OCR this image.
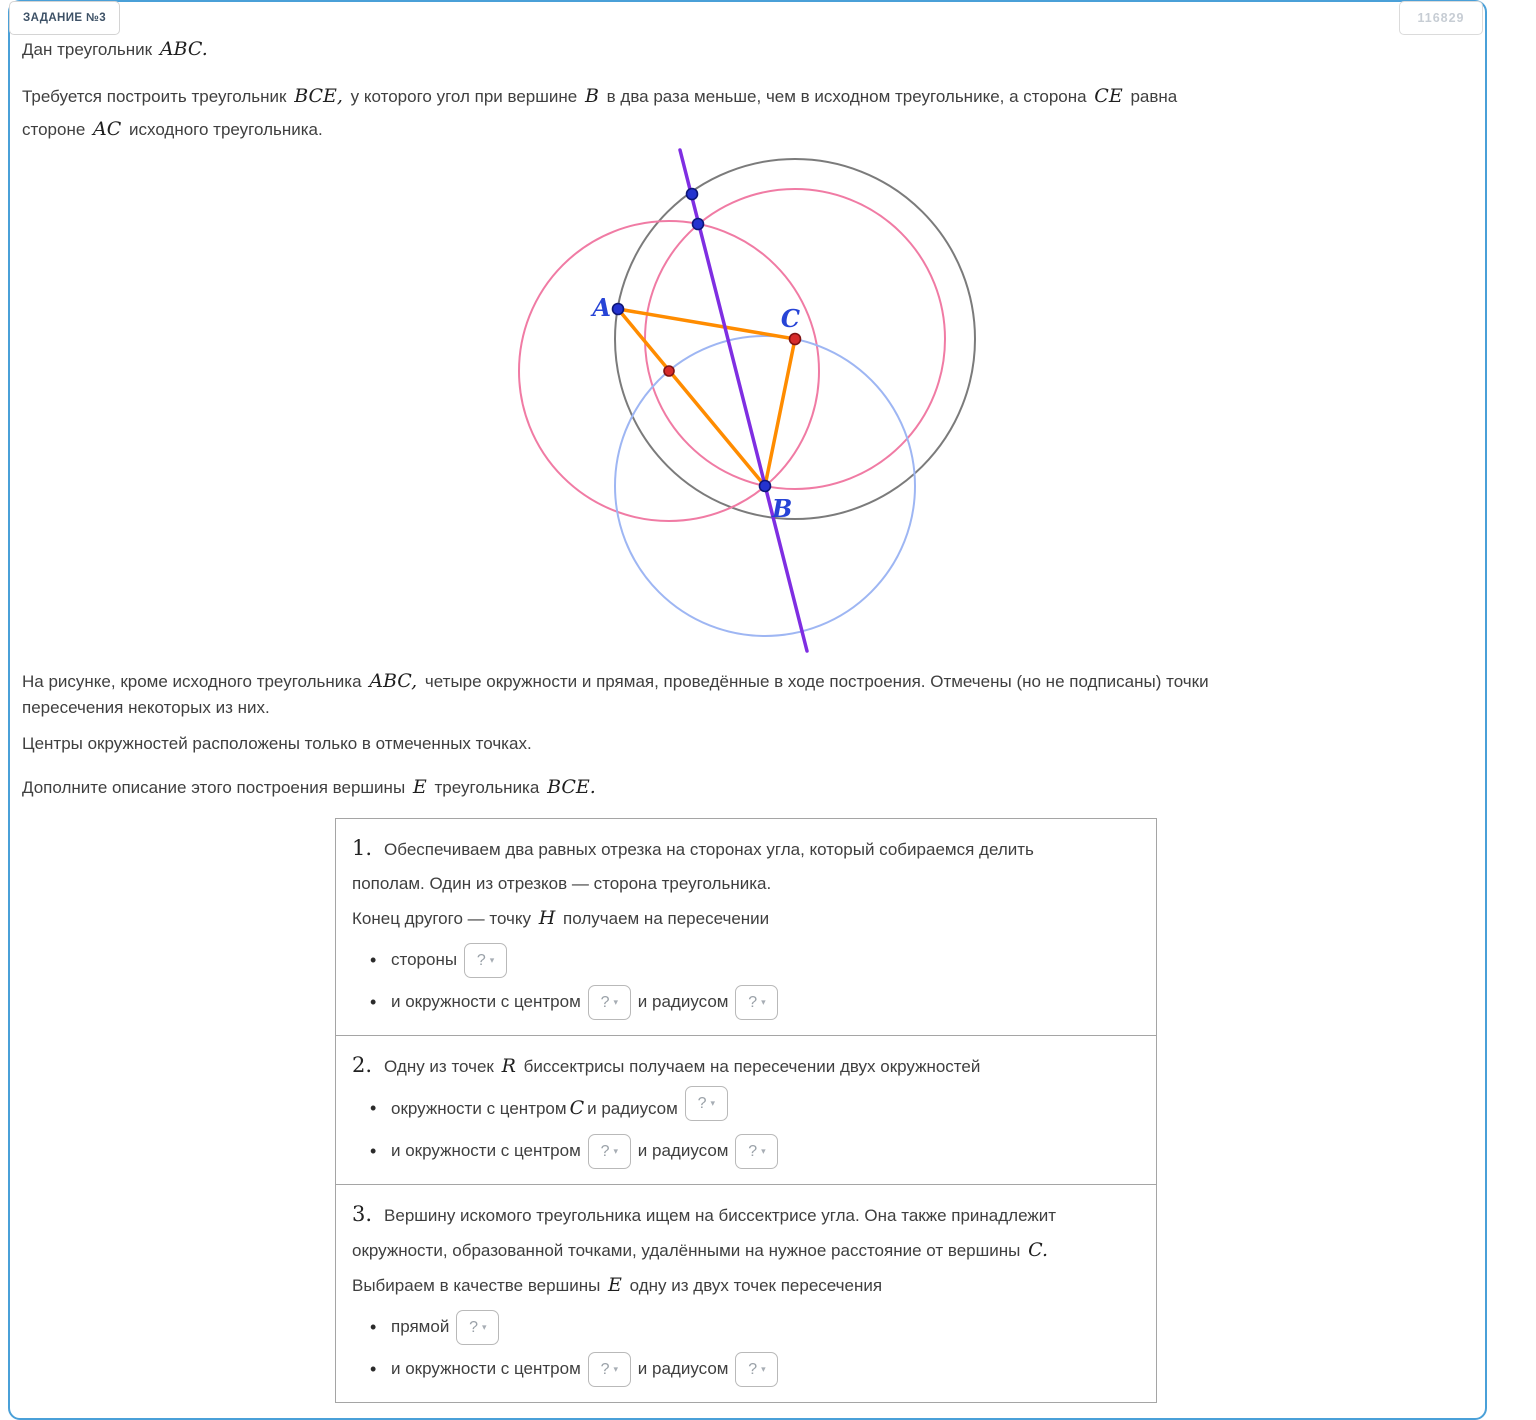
ЗАДАНИЕ №3	116829

Дан треугольник ABC.

Требуется построить треугольник BCE, у которого угол при вершине B в два раза меньше, чем в исходном треугольнике, а сторона CE равна
стороне AC исходного треугольника.
A	C
B
На рисунке, кроме исходного треугольника ABC, четыре окружности и прямая, проведённые в ходе построения. Отмечены (но не подписаны) точки
пересечения некоторых из них.

Центры окружностей расположены только в отмеченных точках.

Дополните описание этого построения вершины E треугольника BCE.

1. Обеспечиваем два равных отрезка на сторонах угла, который собираемся делить
пополам. Один из отрезков — сторона треугольника.
Конец другого — точку H получаем на пересечении
• стороны ? ▾
• и окружности с центром ? ▾ и радиусом ? ▾
2. Одну из точек R биссектрисы получаем на пересечении двух окружностей
• окружности с центром C и радиусом ? ▾
• и окружности с центром ? ▾ и радиусом ? ▾
3. Вершину искомого треугольника ищем на биссектрисе угла. Она также принадлежит
окружности, образованной точками, удалёнными на нужное расстояние от вершины C.
Выбираем в качестве вершины E одну из двух точек пересечения
• прямой ? ▾
• и окружности с центром ? ▾ и радиусом ? ▾
